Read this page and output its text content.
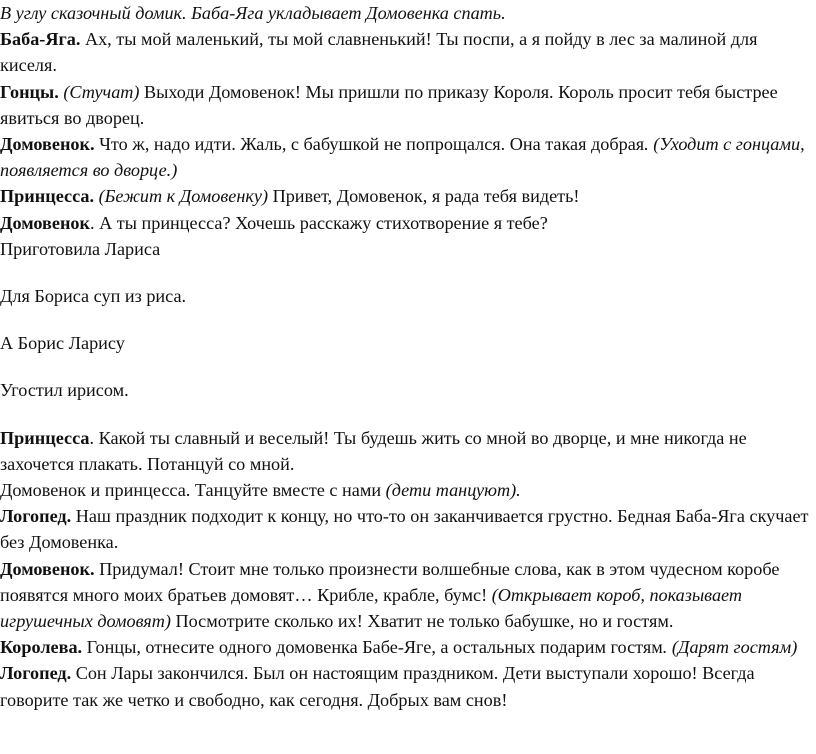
В углу сказочный домик. Баба-Яга укладывает Домовенка спать.

Баба-Яга. Ах, ты мой маленький, ты мой славненький! Ты поспи, а я пойду в лес за малиной для киселя.

Гонцы. (Стучат) Выходи Домовенок! Мы пришли по приказу Короля. Король просит тебя быстрее явиться во дворец.

Домовенок. Что ж, надо идти. Жаль, с бабушкой не попрощался. Она такая добрая. (Уходит с гонцами, появляется во дворце.)

Принцесса. (Бежит к Домовенку) Привет, Домовенок, я рада тебя видеть!

Домовенок. А ты принцесса? Хочешь расскажу стихотворение я тебе?

Приготовила Лариса

Для Бориса суп из риса.

А Борис Ларису

Угостил ирисом.

Принцесса. Какой ты славный и веселый! Ты будешь жить со мной во дворце, и мне никогда не захочется плакать. Потанцуй со мной.

Домовенок и принцесса. Танцуйте вместе с нами (дети танцуют).

Логопед. Наш праздник подходит к концу, но что-то он заканчивается грустно. Бедная Баба-Яга скучает без Домовенка.

Домовенок. Придумал! Стоит мне только произнести волшебные слова, как в этом чудесном коробе появятся много моих братьев домовят… Крибле, крабле, бумс! (Открывает короб, показывает игрушечных домовят) Посмотрите сколько их! Хватит не только бабушке, но и гостям.

Королева. Гонцы, отнесите одного домовенка Бабе-Яге, а остальных подарим гостям. (Дарят гостям)

Логопед. Сон Лары закончился. Был он настоящим праздником. Дети выступали хорошо! Всегда говорите так же четко и свободно, как сегодня. Добрых вам снов!
